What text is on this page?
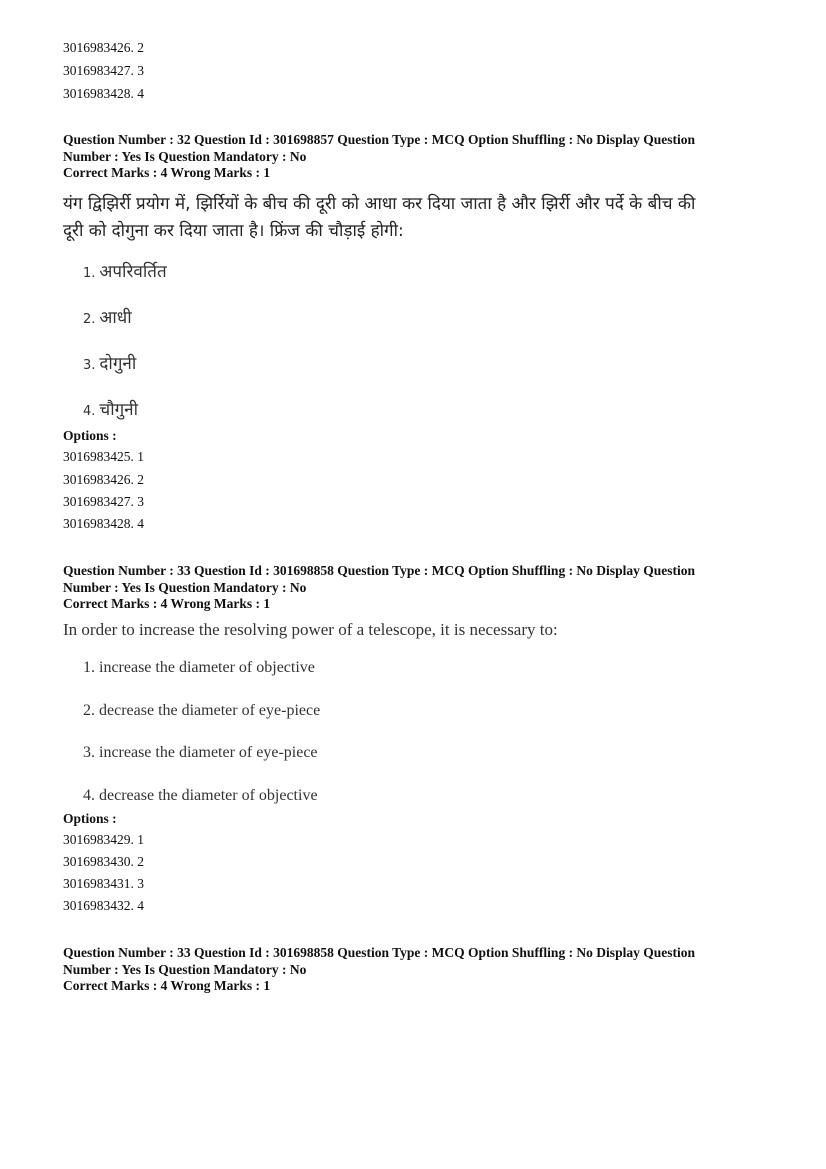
3016983426. 2
3016983427. 3
3016983428. 4
Question Number : 32 Question Id : 301698857 Question Type : MCQ Option Shuffling : No Display Question
Number : Yes Is Question Mandatory : No
Correct Marks : 4 Wrong Marks : 1
यंग द्विझिर्री प्रयोग में, झिर्रियों के बीच की दूरी को आधा कर दिया जाता है और झिर्री और पर्दे के बीच की
दूरी को दोगुना कर दिया जाता है। फ्रिंज की चौड़ाई होगी:
1. अपरिवर्तित
2. आधी
3. दोगुनी
4. चौगुनी
Options :
3016983425. 1
3016983426. 2
3016983427. 3
3016983428. 4
Question Number : 33 Question Id : 301698858 Question Type : MCQ Option Shuffling : No Display Question
Number : Yes Is Question Mandatory : No
Correct Marks : 4 Wrong Marks : 1
In order to increase the resolving power of a telescope, it is necessary to:
1. increase the diameter of objective
2. decrease the diameter of eye-piece
3. increase the diameter of eye-piece
4. decrease the diameter of objective
Options :
3016983429. 1
3016983430. 2
3016983431. 3
3016983432. 4
Question Number : 33 Question Id : 301698858 Question Type : MCQ Option Shuffling : No Display Question
Number : Yes Is Question Mandatory : No
Correct Marks : 4 Wrong Marks : 1
